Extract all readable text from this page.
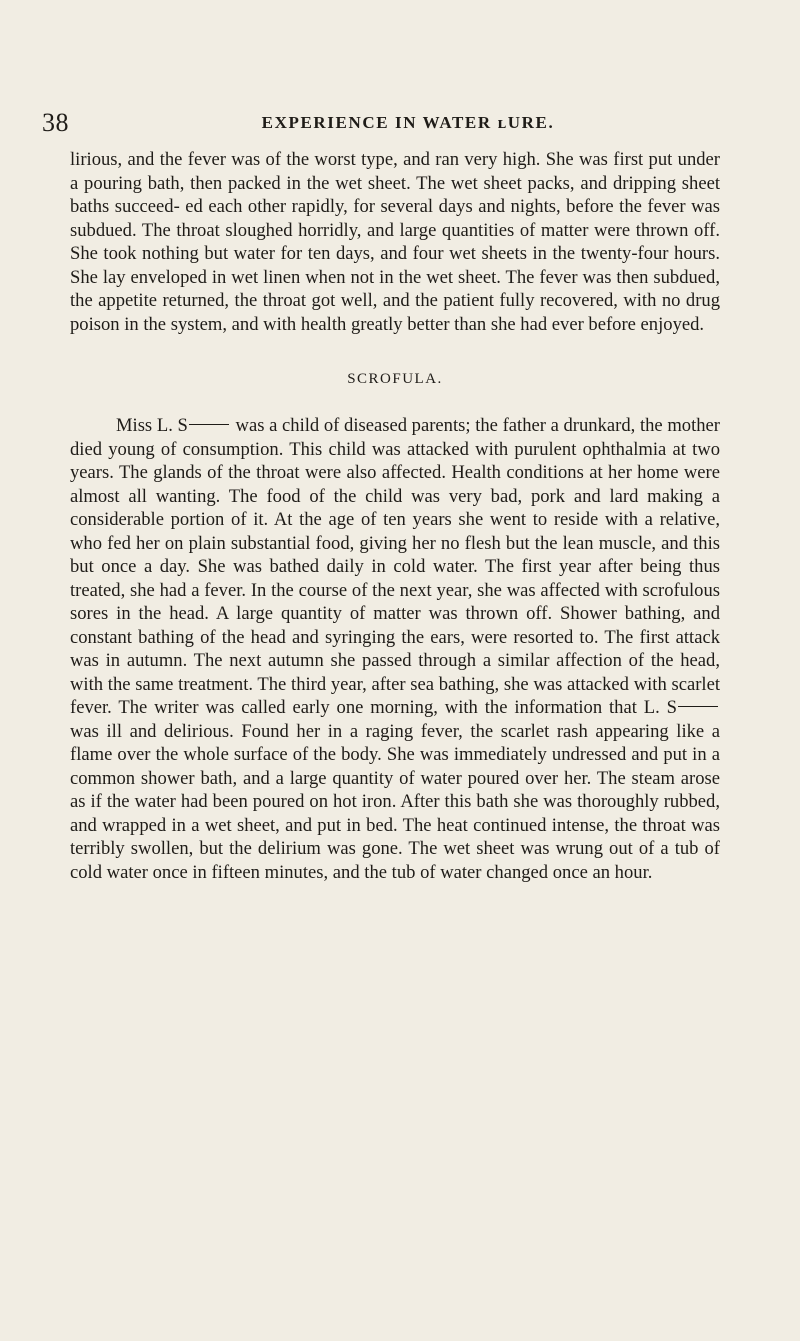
38	EXPERIENCE IN WATER ʟURE.

lirious, and the fever was of the worst type, and ran very high. She was first put under a pouring bath, then packed in the wet sheet. The wet sheet packs, and dripping sheet baths succeed- ed each other rapidly, for several days and nights, before the fever was subdued. The throat sloughed horridly, and large quantities of matter were thrown off. She took nothing but water for ten days, and four wet sheets in the twenty-four hours. She lay enveloped in wet linen when not in the wet sheet. The fever was then subdued, the appetite returned, the throat got well, and the patient fully recovered, with no drug poison in the system, and with health greatly better than she had ever before enjoyed.

SCROFULA.

Miss L. S	was a child of diseased parents; the father a drunkard, the mother died young of consumption. This child was attacked with purulent ophthalmia at two years. The glands of the throat were also affected. Health conditions at her home were almost all wanting. The food of the child was very bad, pork and lard making a considerable portion of it. At the age of ten years she went to reside with a relative, who fed her on plain substantial food, giving her no flesh but the lean muscle, and this but once a day. She was bathed daily in cold water. The first year after being thus treated, she had a fever. In the course of the next year, she was affected with scrofulous sores in the head. A large quantity of matter was thrown off. Shower bathing, and constant bathing of the head and syringing the ears, were resorted to. The first attack was in autumn. The next autumn she passed through a similar affection of the head, with the same treatment. The third year, after sea bathing, she was attacked with scarlet fever. The writer was called early one morning, with the information that L. S was ill and delirious. Found her in a raging fever, the scarlet rash appearing like a flame over the whole surface of the body. She was immediately undressed and put in a common shower bath, and a large quantity of water poured over her. The steam arose as if the water had been poured on hot iron. After this bath she was thoroughly rubbed, and wrapped in a wet sheet, and put in bed. The heat continued intense, the throat was terribly swollen, but the delirium was gone. The wet sheet was wrung out of a tub of cold water once in fifteen minutes, and the tub of water changed once an hour.
